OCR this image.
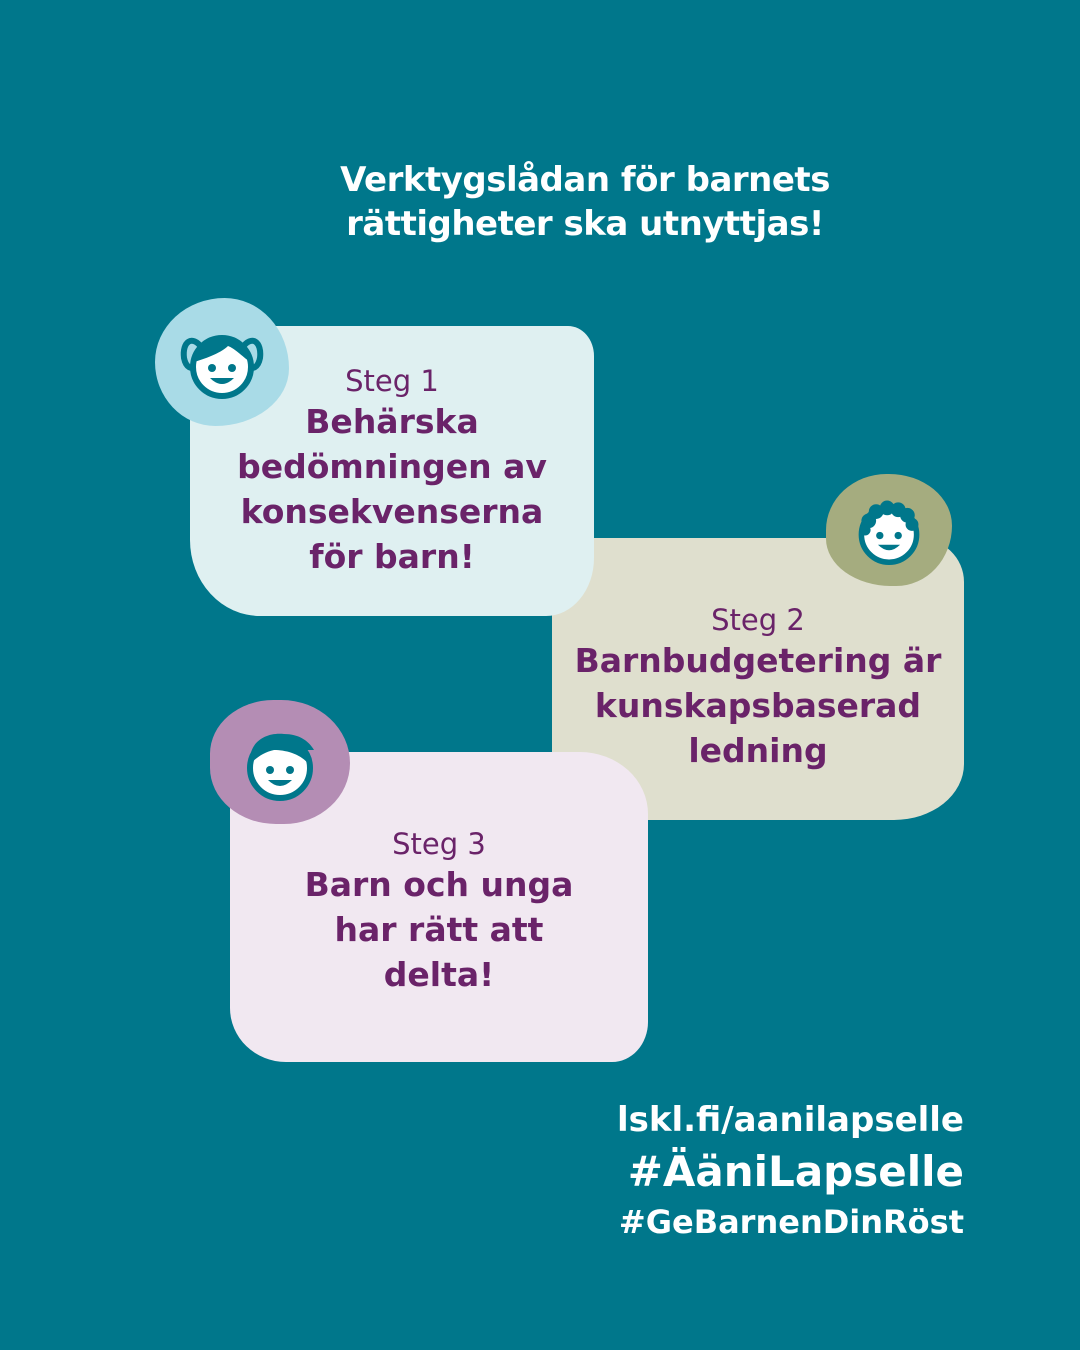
Verktygslådan för barnets
rättigheter ska utnyttjas!
Steg 1
Behärska
bedömningen av
konsekvenserna
för barn!
Steg 2
Barnbudgetering är
kunskapsbaserad
ledning
Steg 3
Barn och unga
har rätt att
delta!
lskl.fi/aanilapselle
#ÄäniLapselle
#GeBarnenDinRöst
